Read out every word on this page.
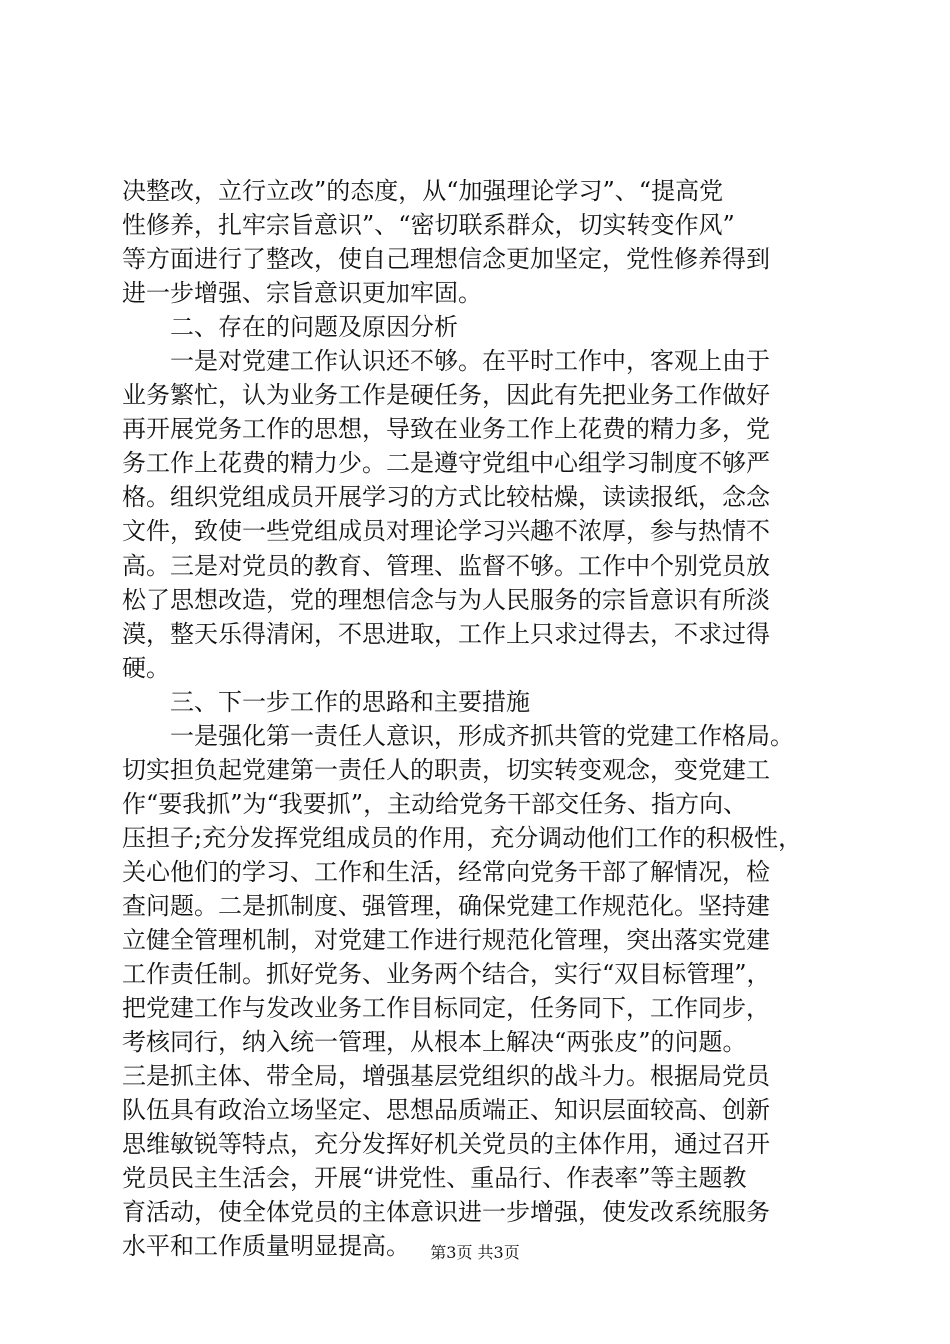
决整改，立行立改”的态度，从“加强理论学习”、“提高党
性修养，扎牢宗旨意识”、“密切联系群众，切实转变作风”
等方面进行了整改，使自己理想信念更加坚定，党性修养得到
进一步增强、宗旨意识更加牢固。
　　二、存在的问题及原因分析
　　一是对党建工作认识还不够。在平时工作中，客观上由于
业务繁忙，认为业务工作是硬任务，因此有先把业务工作做好
再开展党务工作的思想，导致在业务工作上花费的精力多，党
务工作上花费的精力少。二是遵守党组中心组学习制度不够严
格。组织党组成员开展学习的方式比较枯燥，读读报纸，念念
文件，致使一些党组成员对理论学习兴趣不浓厚，参与热情不
高。三是对党员的教育、管理、监督不够。工作中个别党员放
松了思想改造，党的理想信念与为人民服务的宗旨意识有所淡
漠，整天乐得清闲，不思进取，工作上只求过得去，不求过得
硬。
　　三、下一步工作的思路和主要措施
　　一是强化第一责任人意识，形成齐抓共管的党建工作格局。
切实担负起党建第一责任人的职责，切实转变观念，变党建工
作“要我抓”为“我要抓”，主动给党务干部交任务、指方向、
压担子;充分发挥党组成员的作用，充分调动他们工作的积极性，
关心他们的学习、工作和生活，经常向党务干部了解情况，检
查问题。二是抓制度、强管理，确保党建工作规范化。坚持建
立健全管理机制，对党建工作进行规范化管理，突出落实党建
工作责任制。抓好党务、业务两个结合，实行“双目标管理”，
把党建工作与发改业务工作目标同定，任务同下，工作同步，
考核同行，纳入统一管理，从根本上解决“两张皮”的问题。
三是抓主体、带全局，增强基层党组织的战斗力。根据局党员
队伍具有政治立场坚定、思想品质端正、知识层面较高、创新
思维敏锐等特点，充分发挥好机关党员的主体作用，通过召开
党员民主生活会，开展“讲党性、重品行、作表率”等主题教
育活动，使全体党员的主体意识进一步增强，使发改系统服务
水平和工作质量明显提高。	第3页 共3页
